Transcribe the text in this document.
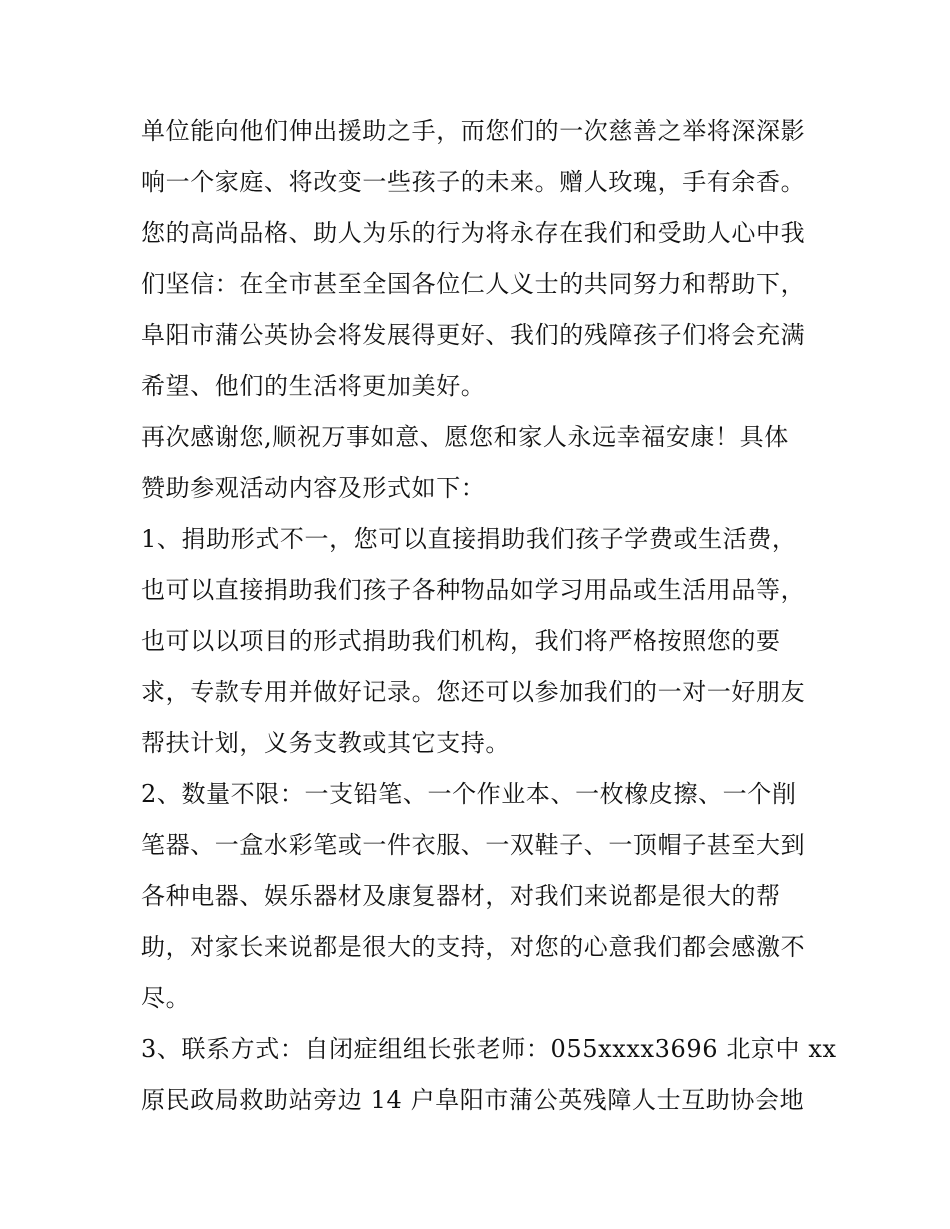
单位能向他们伸出援助之手，而您们的一次慈善之举将深深影
响一个家庭、将改变一些孩子的未来。赠人玫瑰，手有余香。
您的高尚品格、助人为乐的行为将永存在我们和受助人心中我
们坚信：在全市甚至全国各位仁人义士的共同努力和帮助下，
阜阳市蒲公英协会将发展得更好、我们的残障孩子们将会充满
希望、他们的生活将更加美好。
再次感谢您,顺祝万事如意、愿您和家人永远幸福安康！具体
赞助参观活动内容及形式如下：
1、捐助形式不一，您可以直接捐助我们孩子学费或生活费，
也可以直接捐助我们孩子各种物品如学习用品或生活用品等，
也可以以项目的形式捐助我们机构，我们将严格按照您的要
求，专款专用并做好记录。您还可以参加我们的一对一好朋友
帮扶计划，义务支教或其它支持。
2、数量不限：一支铅笔、一个作业本、一枚橡皮擦、一个削
笔器、一盒水彩笔或一件衣服、一双鞋子、一顶帽子甚至大到
各种电器、娱乐器材及康复器材，对我们来说都是很大的帮
助，对家长来说都是很大的支持，对您的心意我们都会感激不
尽。
3、联系方式：自闭症组组长张老师：055xxxx3696 北京中 xx
原民政局救助站旁边 14 户阜阳市蒲公英残障人士互助协会地
